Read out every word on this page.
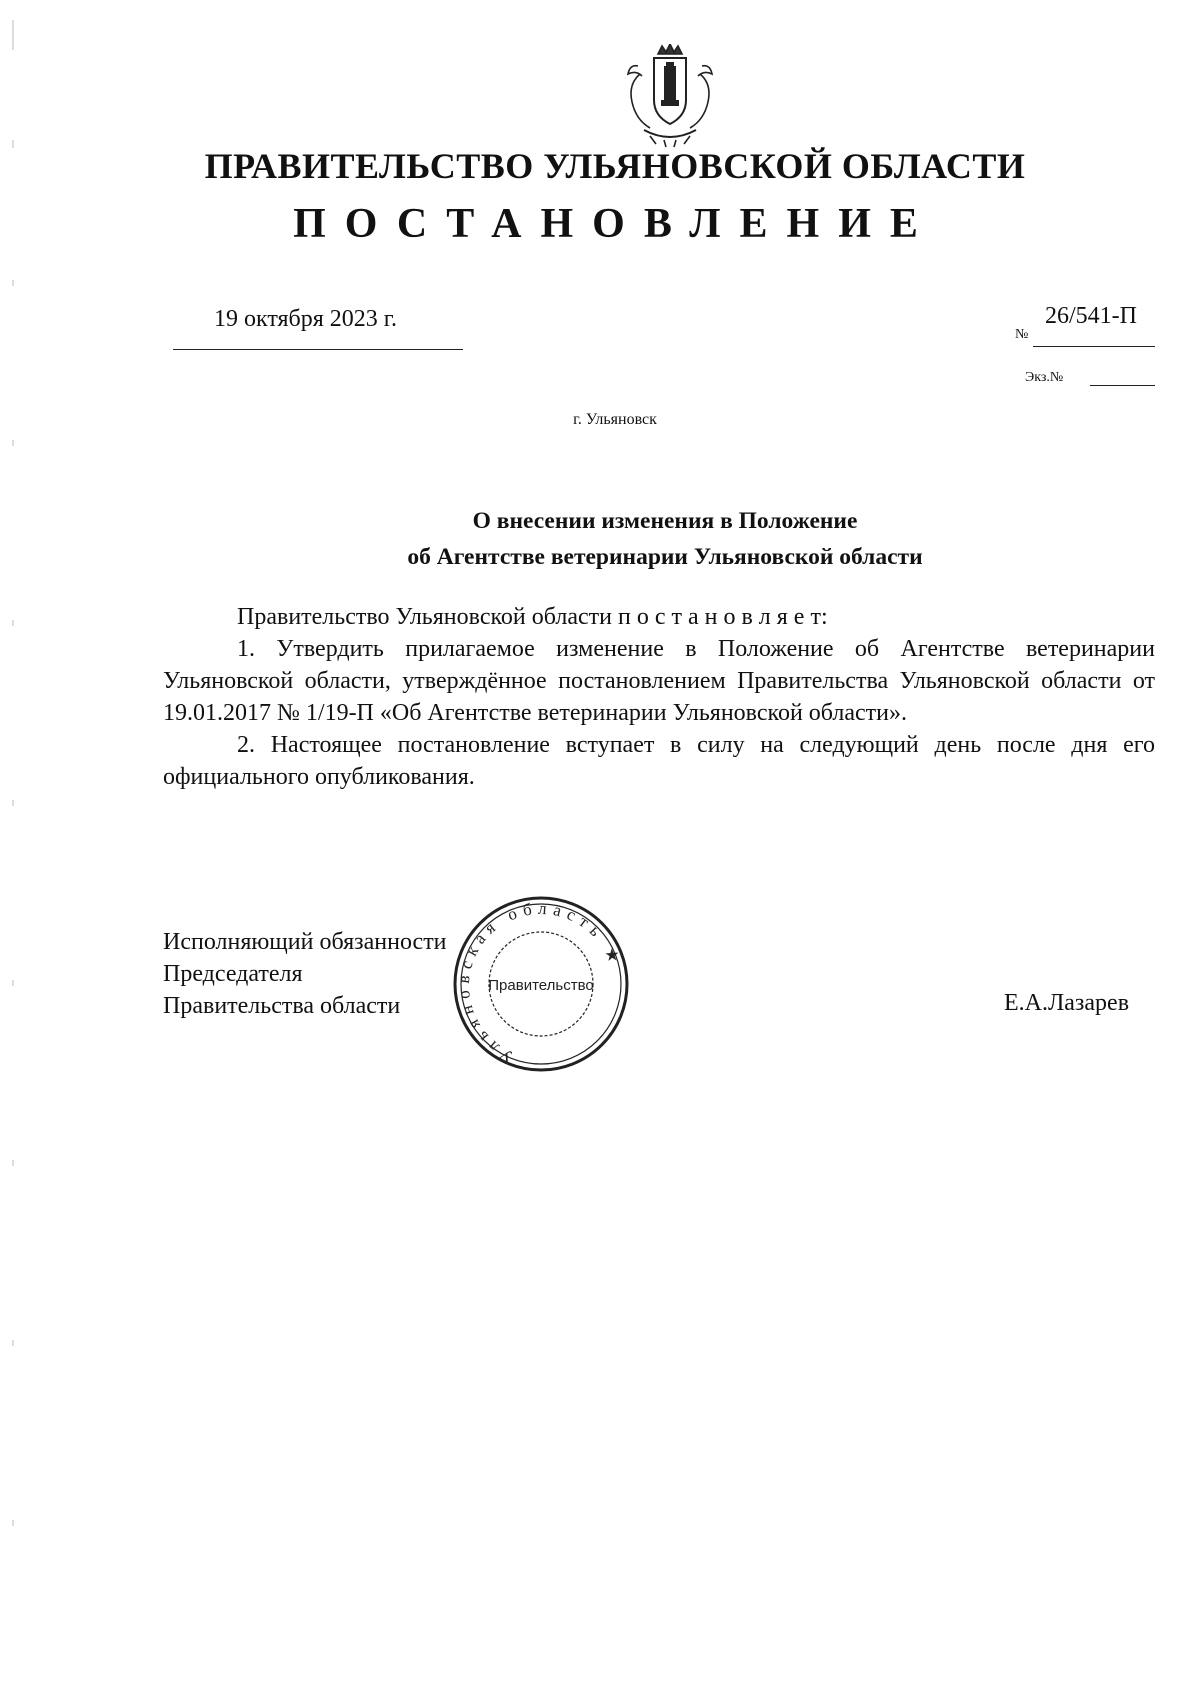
ПРАВИТЕЛЬСТВО УЛЬЯНОВСКОЙ ОБЛАСТИ
ПОСТАНОВЛЕНИЕ
19 октября 2023 г.
№
26/541-П
Экз.№
г. Ульяновск
О внесении изменения в Положение
об Агентстве ветеринарии Ульяновской области

Правительство Ульяновской области п о с т а н о в л я е т:

1. Утвердить прилагаемое изменение в Положение об Агентстве ветеринарии Ульяновской области, утверждённое постановлением Правительства Ульяновской области от 19.01.2017 № 1/19-П «Об Агентстве ветеринарии Ульяновской области».

2. Настоящее постановление вступает в силу на следующий день после дня его официального опубликования.

Исполняющий обязанности
Председателя
Правительства области	Е.А.Лазарев
Ульяновская область ★
Правительство
